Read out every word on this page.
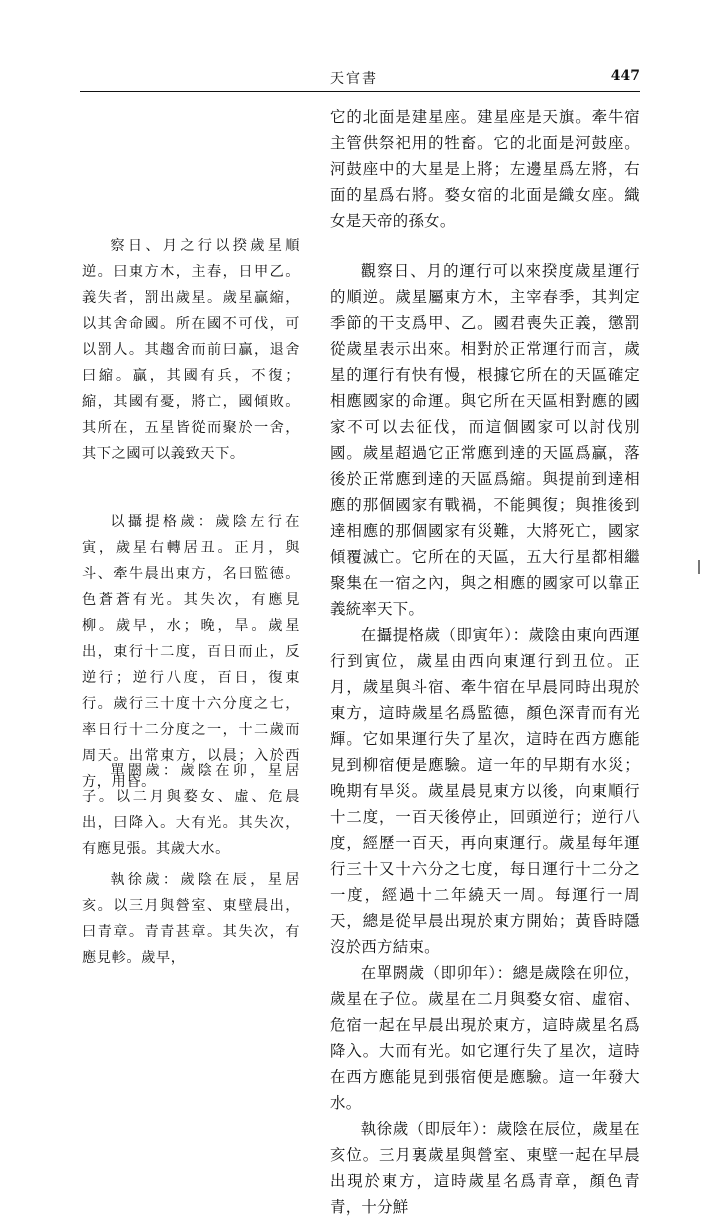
天官書	447

察日、月之行以揆歲星順逆。曰東方木，主春，日甲乙。義失者，罰出歲星。歲星贏縮，以其舍命國。所在國不可伐，可以罰人。其趨舍而前曰贏，退舍曰縮。贏，其國有兵，不復；縮，其國有憂，將亡，國傾敗。其所在，五星皆從而聚於一舍，其下之國可以義致天下。

以攝提格歲：歲陰左行在寅，歲星右轉居丑。正月，與斗、牽牛晨出東方，名曰監德。色蒼蒼有光。其失次，有應見柳。歲早，水；晚，旱。歲星出，東行十二度，百日而止，反逆行；逆行八度，百日，復東行。歲行三十度十六分度之七，率日行十二分度之一，十二歲而周天。出常東方，以晨；入於西方，用昏。

單閼歲：歲陰在卯，星居子。以二月與婺女、虛、危晨出，曰降入。大有光。其失次，有應見張。其歲大水。

執徐歲：歲陰在辰，星居亥。以三月與營室、東壁晨出，曰青章。青青甚章。其失次，有應見軫。歲早，

它的北面是建星座。建星座是天旗。牽牛宿主管供祭祀用的牲畜。它的北面是河鼓座。河鼓座中的大星是上將；左邊星爲左將，右面的星爲右將。婺女宿的北面是織女座。織女是天帝的孫女。

觀察日、月的運行可以來揆度歲星運行的順逆。歲星屬東方木，主宰春季，其判定季節的干支爲甲、乙。國君喪失正義，懲罰從歲星表示出來。相對於正常運行而言，歲星的運行有快有慢，根據它所在的天區確定相應國家的命運。與它所在天區相對應的國家不可以去征伐，而這個國家可以討伐別國。歲星超過它正常應到達的天區爲贏，落後於正常應到達的天區爲縮。與提前到達相應的那個國家有戰禍，不能興復；與推後到達相應的那個國家有災難，大將死亡，國家傾覆滅亡。它所在的天區，五大行星都相繼聚集在一宿之內，與之相應的國家可以靠正義統率天下。

在攝提格歲（即寅年）：歲陰由東向西運行到寅位，歲星由西向東運行到丑位。正月，歲星與斗宿、牽牛宿在早晨同時出現於東方，這時歲星名爲監德，顏色深青而有光輝。它如果運行失了星次，這時在西方應能見到柳宿便是應驗。這一年的早期有水災；晚期有旱災。歲星晨見東方以後，向東順行十二度，一百天後停止，回頭逆行；逆行八度，經歷一百天，再向東運行。歲星每年運行三十又十六分之七度，每日運行十二分之一度，經過十二年繞天一周。每運行一周天，總是從早晨出現於東方開始；黃昏時隱沒於西方結束。

在單閼歲（即卯年）：總是歲陰在卯位，歲星在子位。歲星在二月與婺女宿、虛宿、危宿一起在早晨出現於東方，這時歲星名爲降入。大而有光。如它運行失了星次，這時在西方應能見到張宿便是應驗。這一年發大水。

執徐歲（即辰年）：歲陰在辰位，歲星在亥位。三月裏歲星與營室、東壁一起在早晨出現於東方，這時歲星名爲青章，顏色青青，十分鮮
